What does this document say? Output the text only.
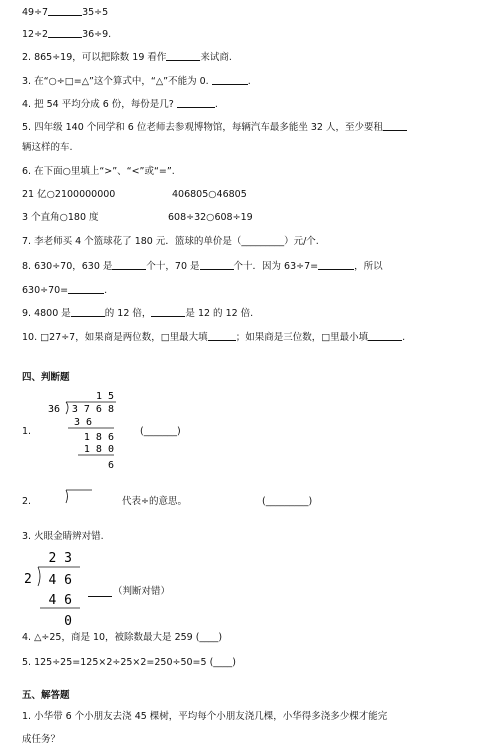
49÷7	35÷5
12÷2	36÷9.
2. 865÷19，可以把除数 19 看作	来试商.
3. 在“○÷□=△”这个算式中，“△”不能为 0.	.
4. 把 54 平均分成 6 份，每份是几?	.
5. 四年级 140 个同学和 6 位老师去参观博物馆，每辆汽车最多能坐 32 人，至少要租
辆这样的车.
6. 在下面○里填上“>”、“<”或“=”.
21 亿○2100000000	406805○46805
3 个直角○180 度	608÷32○608÷19
7. 李老师买 4 个篮球花了 180 元．篮球的单价是（_________）元/个.
8. 630÷70，630 是	个十，70 是	个十．因为 63÷7=	，所以
630÷70=	.
9. 4800 是	的 12 倍，	是 12 的 12 倍.
10. □27÷7，如果商是两位数，□里最大填	；如果商是三位数，□里最小填	.
四、判断题
1.
1 5
36 3 7 6 8
3 6
1 8 6
1 8 0
6
(_______)
2.	代表÷的意思。	(_________)
3. 火眼金睛辨对错.
2 3
2 4 6
4 6
0
（判断对错）
4. △÷25，商是 10，被除数最大是 259 (____)
5. 125÷25=125×2÷25×2=250÷50=5 (____)
五、解答题
1. 小华带 6 个小朋友去浇 45 棵树，平均每个小朋友浇几棵，小华得多浇多少棵才能完
成任务？
